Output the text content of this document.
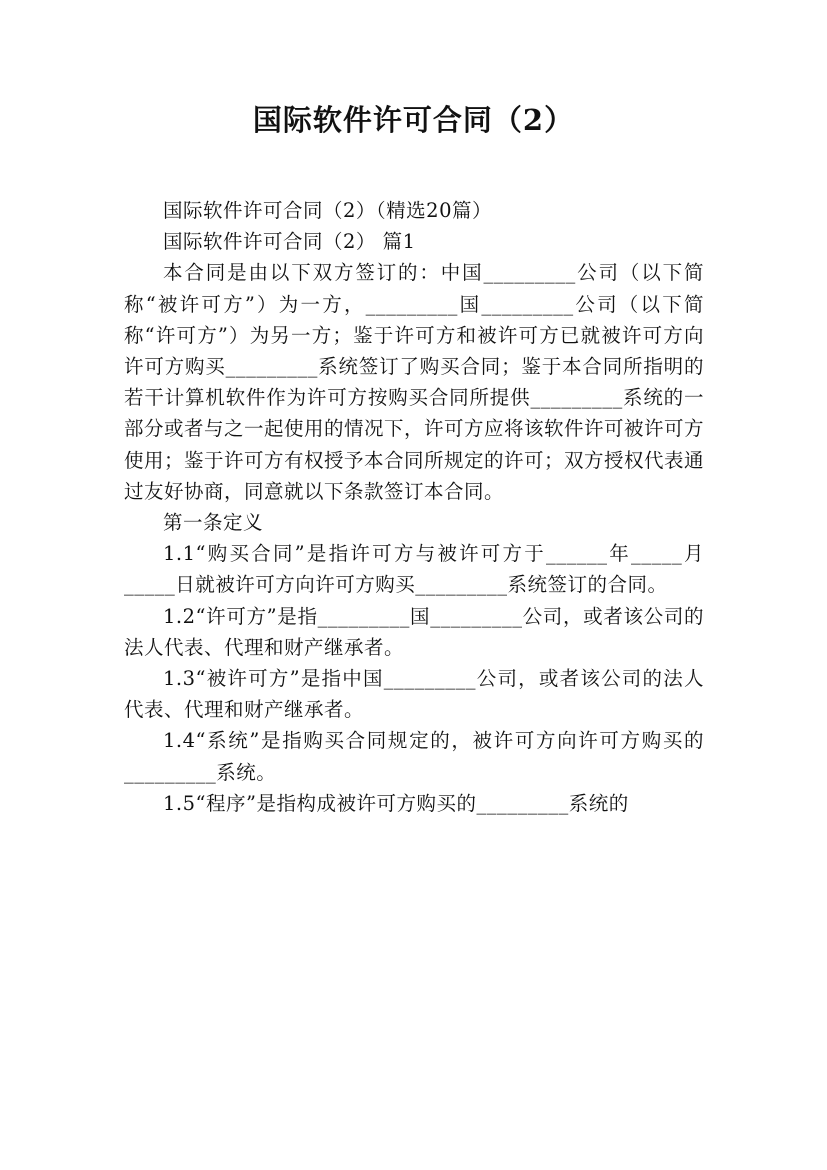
国际软件许可合同（2）

国际软件许可合同（2）（精选20篇）

国际软件许可合同（2） 篇1

本合同是由以下双方签订的：中国_________公司（以下简称“被许可方”）为一方，_________国_________公司（以下简称“许可方”）为另一方；鉴于许可方和被许可方已就被许可方向许可方购买_________系统签订了购买合同；鉴于本合同所指明的若干计算机软件作为许可方按购买合同所提供_________系统的一部分或者与之一起使用的情况下，许可方应将该软件许可被许可方使用；鉴于许可方有权授予本合同所规定的许可；双方授权代表通过友好协商，同意就以下条款签订本合同。

第一条定义

1.1“购买合同”是指许可方与被许可方于______年_____月_____日就被许可方向许可方购买_________系统签订的合同。

1.2“许可方”是指_________国_________公司，或者该公司的法人代表、代理和财产继承者。

1.3“被许可方”是指中国_________公司，或者该公司的法人代表、代理和财产继承者。

1.4“系统”是指购买合同规定的，被许可方向许可方购买的_________系统。

1.5“程序”是指构成被许可方购买的_________系统的
